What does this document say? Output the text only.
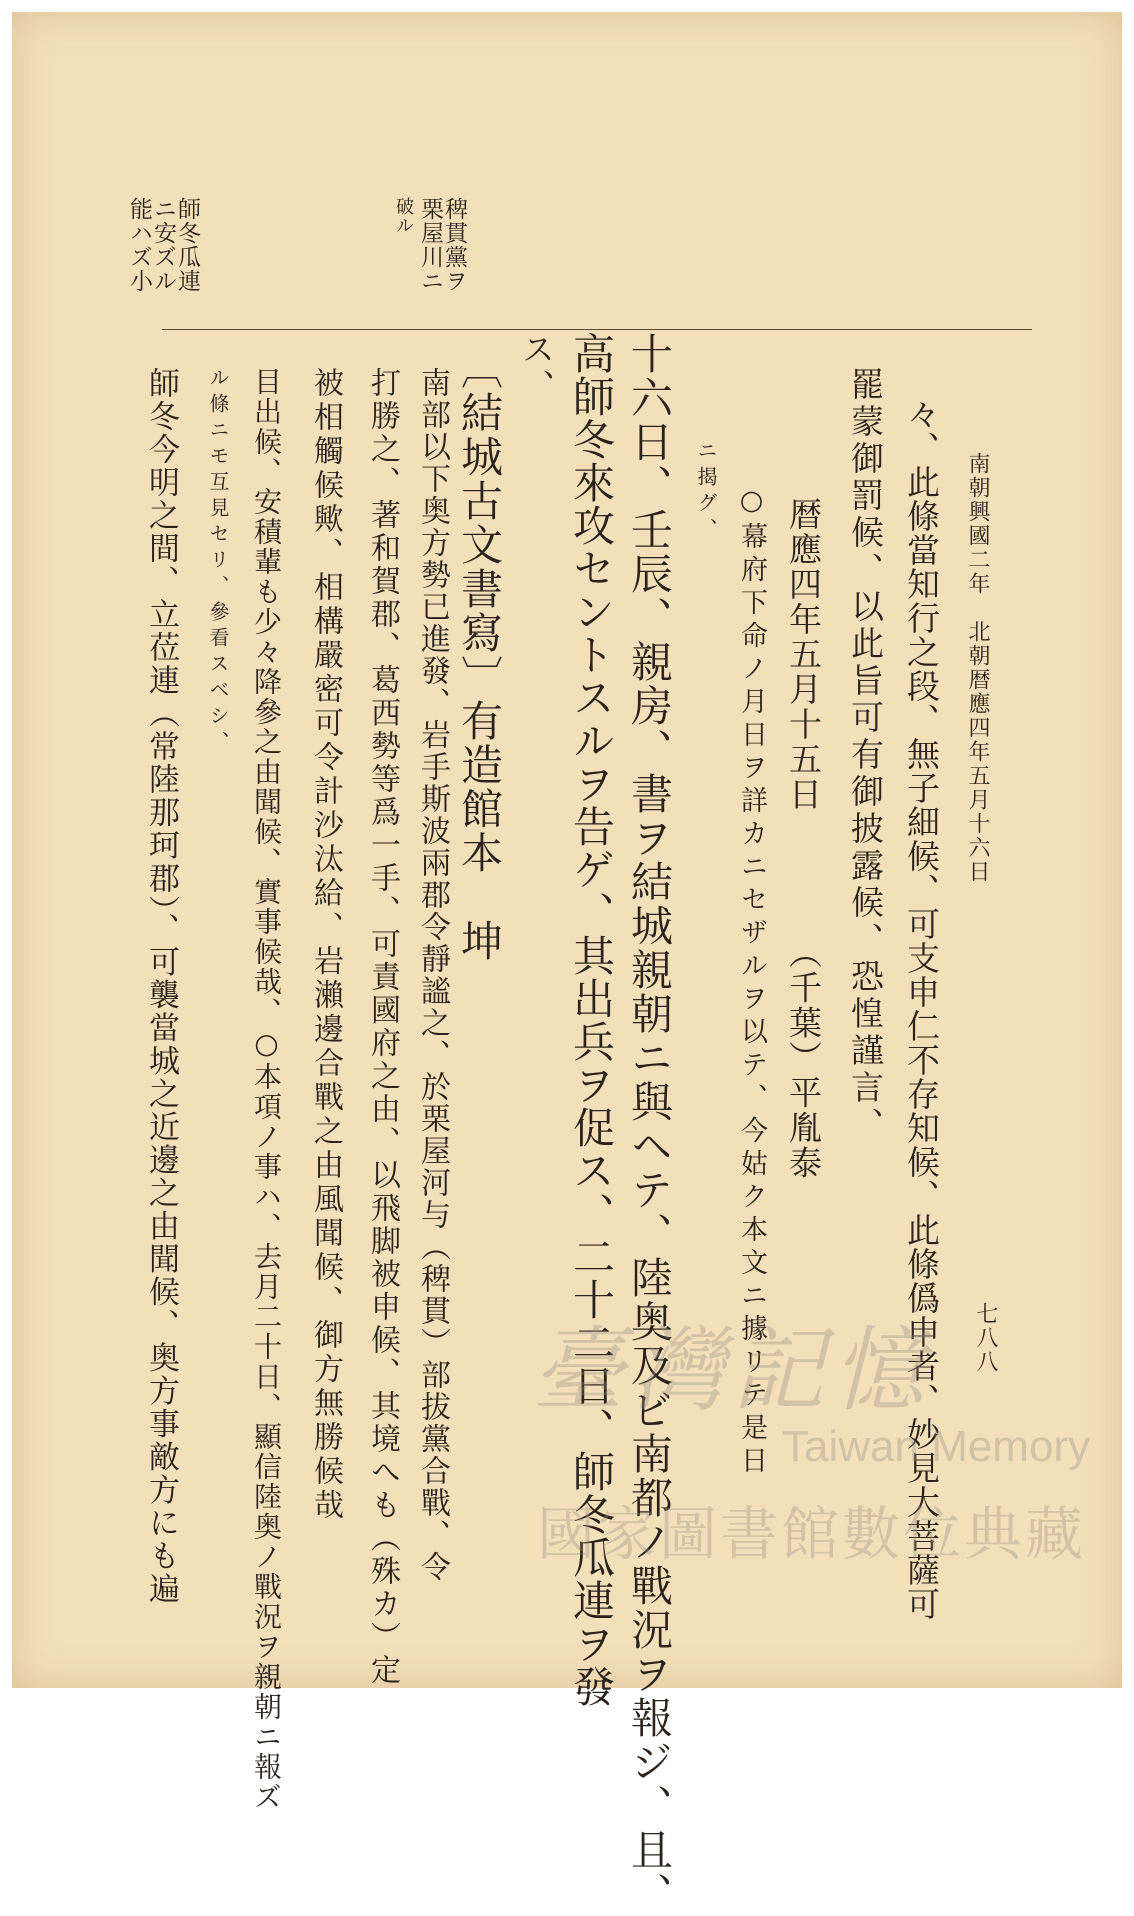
南朝興國二年　北朝暦應四年五月十六日
七八八
稗貫黨ヲ
栗屋川ニ
破ル
師冬瓜連
ニ安ズル
能ハズ小
々、此條當知行之段、無子細候、可支申仁不存知候、此條僞申者、妙見大菩薩可
罷蒙御罰候、以此旨可有御披露候、恐惶謹言、
暦應四年五月十五日　　　　（千葉）平胤泰
○幕府下命ノ月日ヲ詳カニセザルヲ以テ、今姑ク本文ニ據リテ是日
ニ揭グ、
十六日、壬辰、親房、書ヲ結城親朝ニ與ヘテ、陸奥及ビ南都ノ戰況ヲ報ジ、且、
高師冬來攻セントスルヲ告ゲ、其出兵ヲ促ス、二十二日、師冬瓜連ヲ發
ス、
〔結城古文書寫〕有造館本　坤
南部以下奥方勢已進發、岩手斯波兩郡令靜謐之、於栗屋河与（稗貫）部拔黨合戰、令
打勝之、著和賀郡、葛西勢等爲一手、可責國府之由、以飛脚被申候、其境へも（殊カ）定
被相觸候歟、相構嚴密可令計沙汰給、岩瀨邊合戰之由風聞候、御方無勝候哉
目出候、安積輩も少々降參之由聞候、實事候哉、○本項ノ事ハ、去月二十日、顯信陸奥ノ戰況ヲ親朝ニ報ズ
ル條ニモ互見セリ、參看スベシ、
師冬今明之間、立莅連（常陸那珂郡）、可襲當城之近邊之由聞候、奥方事敵方にも遍	臺灣記憶
Taiwan Memory
國家圖書館數位典藏
